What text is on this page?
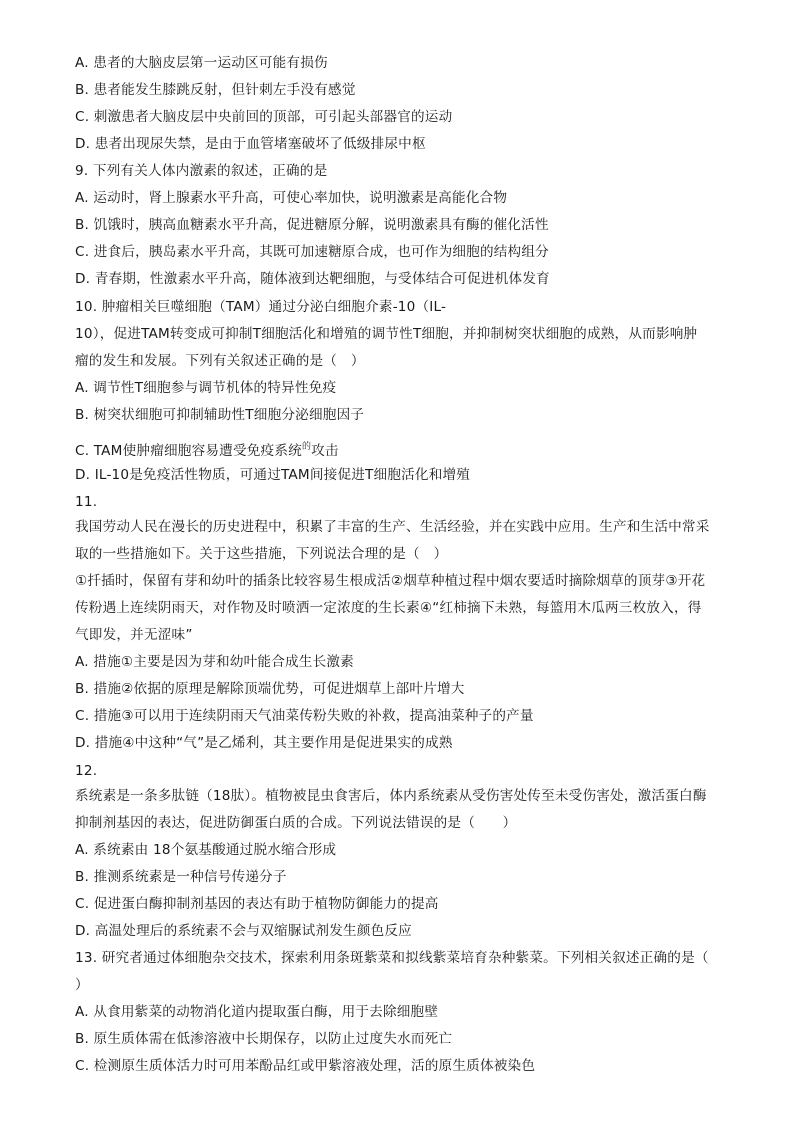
A. 患者的大脑皮层第一运动区可能有损伤
B. 患者能发生膝跳反射，但针刺左手没有感觉
C. 刺激患者大脑皮层中央前回的顶部，可引起头部器官的运动
D. 患者出现尿失禁，是由于血管堵塞破坏了低级排尿中枢
9. 下列有关人体内激素的叙述，正确的是
A. 运动时，肾上腺素水平升高，可使心率加快，说明激素是高能化合物
B. 饥饿时，胰高血糖素水平升高，促进糖原分解，说明激素具有酶的催化活性
C. 进食后，胰岛素水平升高，其既可加速糖原合成，也可作为细胞的结构组分
D. 青春期，性激素水平升高，随体液到达靶细胞，与受体结合可促进机体发育
10. 肿瘤相关巨噬细胞（TAM）通过分泌白细胞介素-10（IL-
10），促进TAM转变成可抑制T细胞活化和增殖的调节性T细胞，并抑制树突状细胞的成熟，从而影响肿
瘤的发生和发展。下列有关叙述正确的是（　）
A. 调节性T细胞参与调节机体的特异性免疫
B. 树突状细胞可抑制辅助性T细胞分泌细胞因子
C. TAM使肿瘤细胞容易遭受免疫系统$^的$攻击
D. IL-10是免疫活性物质，可通过TAM间接促进T细胞活化和增殖
11.
我国劳动人民在漫长的历史进程中，积累了丰富的生产、生活经验，并在实践中应用。生产和生活中常采
取的一些措施如下。关于这些措施，下列说法合理的是（　）
①扦插时，保留有芽和幼叶的插条比较容易生根成活②烟草种植过程中烟农要适时摘除烟草的顶芽③开花
传粉遇上连续阴雨天，对作物及时喷洒一定浓度的生长素④“红柿摘下未熟，每篮用木瓜两三枚放入，得
气即发，并无涩味”
A. 措施①主要是因为芽和幼叶能合成生长激素
B. 措施②依据的原理是解除顶端优势，可促进烟草上部叶片增大
C. 措施③可以用于连续阴雨天气油菜传粉失败的补救，提高油菜种子的产量
D. 措施④中这种“气”是乙烯利，其主要作用是促进果实的成熟
12.
系统素是一条多肽链（18肽）。植物被昆虫食害后，体内系统素从受伤害处传至未受伤害处，激活蛋白酶
抑制剂基因的表达，促进防御蛋白质的合成。下列说法错误的是（　　）
A. 系统素由 18个氨基酸通过脱水缩合形成
B. 推测系统素是一种信号传递分子
C. 促进蛋白酶抑制剂基因的表达有助于植物防御能力的提高
D. 高温处理后的系统素不会与双缩脲试剂发生颜色反应
13. 研究者通过体细胞杂交技术，探索利用条斑紫菜和拟线紫菜培育杂种紫菜。下列相关叙述正确的是（
）
A. 从食用紫菜的动物消化道内提取蛋白酶，用于去除细胞壁
B. 原生质体需在低渗溶液中长期保存，以防止过度失水而死亡
C. 检测原生质体活力时可用苯酚品红或甲紫溶液处理，活的原生质体被染色
